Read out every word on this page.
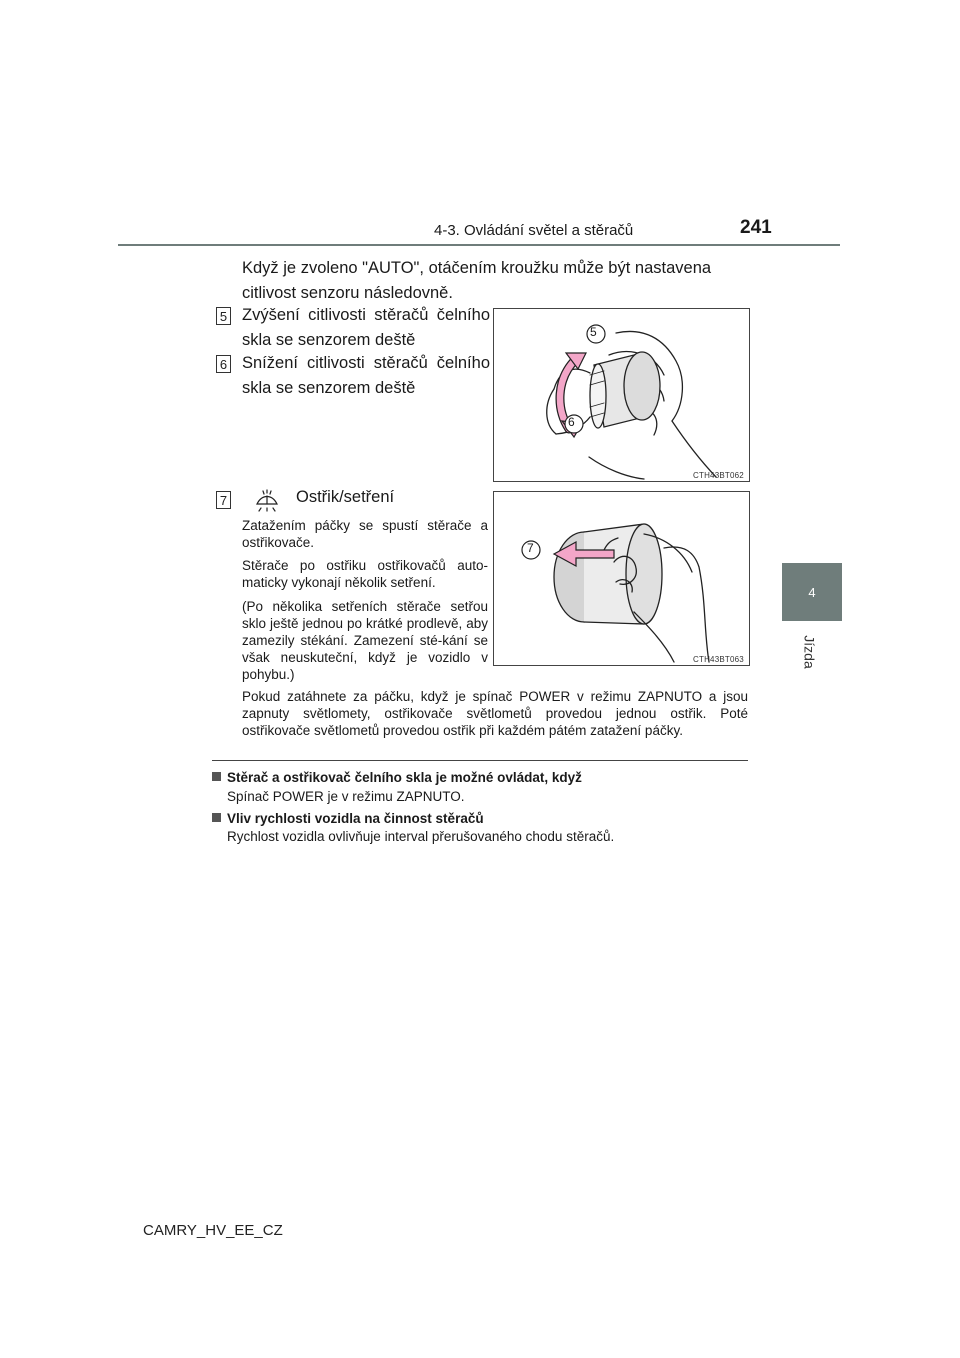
4-3. Ovládání světel a stěračů	241
4
Jízda
Když je zvoleno "AUTO", otáčením kroužku může být nastavena citlivost senzoru následovně.
5 Zvýšení citlivosti stěračů čelního skla se senzorem deště
6 Snížení citlivosti stěračů čelního skla se senzorem deště
5
6
CTH43BT062
7	Ostřik/setření
Zatažením páčky se spustí stěrače a ostřikovače.
Stěrače po ostřiku ostřikovačů auto-maticky vykonají několik setření.
(Po několika setřeních stěrače setřou sklo ještě jednou po krátké prodlevě, aby zamezily stékání. Zamezení sté-kání se však neuskuteční, když je vozidlo v pohybu.)
7
CTH43BT063
Pokud zatáhnete za páčku, když je spínač POWER v režimu ZAPNUTO a jsou zapnuty světlomety, ostřikovače světlometů provedou jednou ostřik. Poté ostřikovače světlometů provedou ostřik při každém pátém zatažení páčky.
Stěrač a ostřikovač čelního skla je možné ovládat, když
Spínač POWER je v režimu ZAPNUTO.
Vliv rychlosti vozidla na činnost stěračů
Rychlost vozidla ovlivňuje interval přerušovaného chodu stěračů.
CAMRY_HV_EE_CZ
